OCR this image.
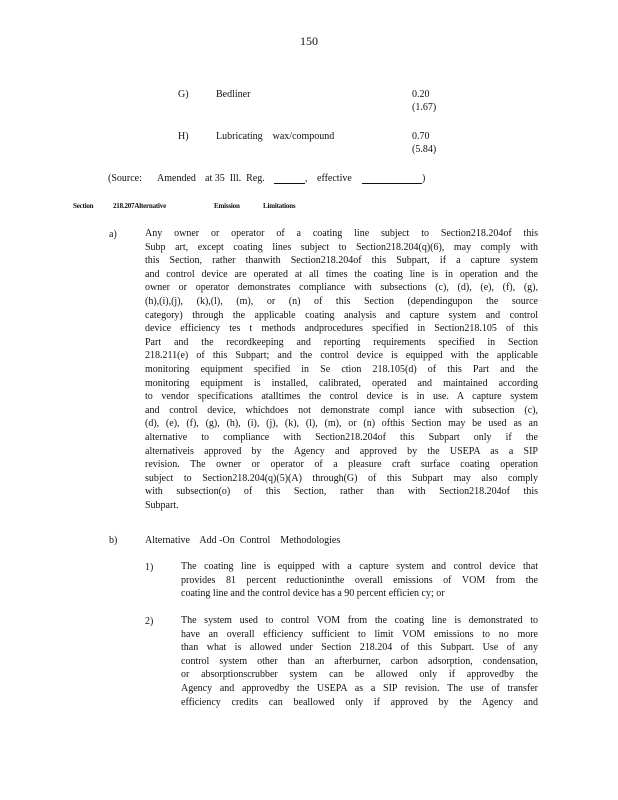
150
G)	Bedliner	0.20
(1.67)
H)	Lubricating    wax/compound	0.70
(5.84)
(Source: Amended at 35  Ill.  Reg.	, effective	)
Section	218.207Alternative	Emission	Limitations
a)	Any owner or operator of a coating line subject to Section218.204of this
Subp art, except coating lines subject to Section218.204(q)(6), may comply with
this Section, rather thanwith Section218.204of this Subpart, if a capture system
and control device are operated at all times the coating line is in operation and the
owner or operator demonstrates compliance with subsections (c), (d), (e), (f), (g),
(h),(i),(j), (k),(l), (m), or (n) of this Section (dependingupon the source
category) through the applicable coating analysis and capture system and control
device efficiency tes t methods andprocedures specified in Section218.105 of this
Part and the recordkeeping and reporting requirements specified in Section
218.211(e) of this Subpart; and the control device is equipped with the applicable
monitoring equipment specified in Se ction 218.105(d) of this Part and the
monitoring equipment is installed, calibrated, operated and maintained according
to vendor specifications atalltimes the control device is in use. A capture system
and control device, whichdoes not demonstrate compl iance with subsection (c),
(d), (e), (f), (g), (h), (i), (j), (k), (l), (m), or (n) ofthis Section may be used as an
alternative to compliance with Section218.204of this Subpart only if the
alternativeis approved by the Agency and approved by the USEPA as a SIP
revision. The owner or operator of a pleasure craft surface coating operation
subject to Section218.204(q)(5)(A) through(G) of this Subpart may also comply
with subsection(o) of this Section, rather than with Section218.204of this
Subpart.
b)	Alternative    Add -On  Control    Methodologies
1)	The coating line is equipped with a capture system and control device that
provides 81 percent reductioninthe overall emissions of VOM from the
coating line and the control device has a 90 percent efficien cy; or
2)	The system used to control VOM from the coating line is demonstrated to
have an overall efficiency sufficient to limit VOM emissions to no more
than what is allowed under Section 218.204 of this Subpart. Use of any
control system other than an afterburner, carbon adsorption, condensation,
or absorptionscrubber system can be allowed only if approvedby the
Agency and approvedby the USEPA as a SIP revision. The use of transfer
efficiency credits can beallowed only if approved by the Agency and
